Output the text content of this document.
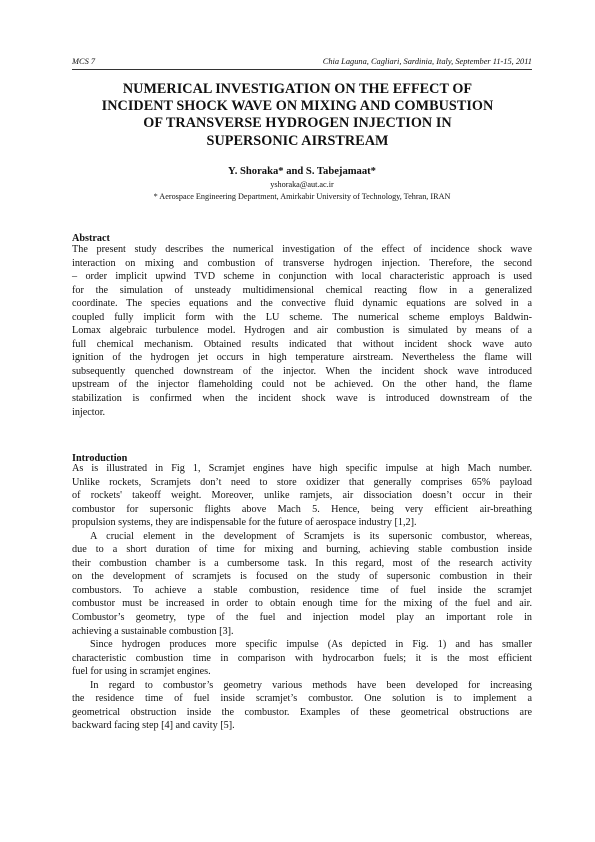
MCS 7	Chia Laguna, Cagliari, Sardinia, Italy, September 11-15, 2011
NUMERICAL INVESTIGATION ON THE EFFECT OF
INCIDENT SHOCK WAVE ON MIXING AND COMBUSTION
OF TRANSVERSE HYDROGEN INJECTION IN
SUPERSONIC AIRSTREAM
Y. Shoraka* and S. Tabejamaat*
yshoraka@aut.ac.ir
* Aerospace Engineering Department, Amirkabir University of Technology, Tehran, IRAN
Abstract
The present study describes the numerical investigation of the effect of incidence shock wave
interaction on mixing and combustion of transverse hydrogen injection. Therefore, the second
– order implicit upwind TVD scheme in conjunction with local characteristic approach is used
for the simulation of unsteady multidimensional chemical reacting flow in a generalized
coordinate. The species equations and the convective fluid dynamic equations are solved in a
coupled fully implicit form with the LU scheme. The numerical scheme employs Baldwin-
Lomax algebraic turbulence model. Hydrogen and air combustion is simulated by means of a
full chemical mechanism. Obtained results indicated that without incident shock wave auto
ignition of the hydrogen jet occurs in high temperature airstream. Nevertheless the flame will
subsequently quenched downstream of the injector. When the incident shock wave introduced
upstream of the injector flameholding could not be achieved. On the other hand, the flame
stabilization is confirmed when the incident shock wave is introduced downstream of the
injector.
Introduction
As is illustrated in Fig 1, Scramjet engines have high specific impulse at high Mach number.
Unlike rockets, Scramjets don’t need to store oxidizer that generally comprises 65% payload
of rockets' takeoff weight. Moreover, unlike ramjets, air dissociation doesn’t occur in their
combustor for supersonic flights above Mach 5. Hence, being very efficient air-breathing
propulsion systems, they are indispensable for the future of aerospace industry [1,2].
A crucial element in the development of Scramjets is its supersonic combustor, whereas,
due to a short duration of time for mixing and burning, achieving stable combustion inside
their combustion chamber is a cumbersome task. In this regard, most of the research activity
on the development of scramjets is focused on the study of supersonic combustion in their
combustors. To achieve a stable combustion, residence time of fuel inside the scramjet
combustor must be increased in order to obtain enough time for the mixing of the fuel and air.
Combustor’s geometry, type of the fuel and injection model play an important role in
achieving a sustainable combustion [3].
Since hydrogen produces more specific impulse (As depicted in Fig. 1) and has smaller
characteristic combustion time in comparison with hydrocarbon fuels; it is the most efficient
fuel for using in scramjet engines.
In regard to combustor’s geometry various methods have been developed for increasing
the residence time of fuel inside scramjet’s combustor. One solution is to implement a
geometrical obstruction inside the combustor. Examples of these geometrical obstructions are
backward facing step [4] and cavity [5].
